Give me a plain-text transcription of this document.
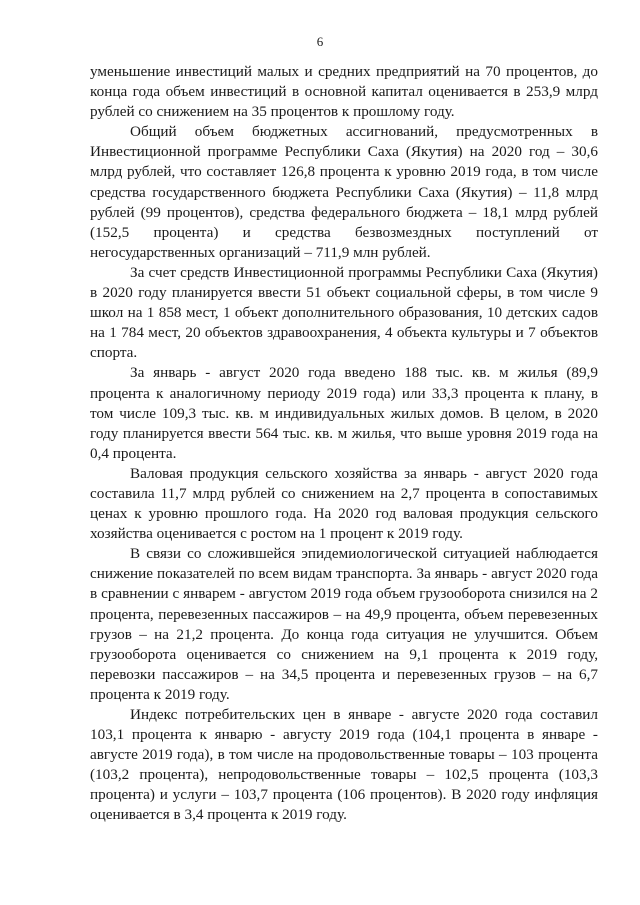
6

уменьшение инвестиций малых и средних предприятий на 70 процентов, до конца года объем инвестиций в основной капитал оценивается в 253,9 млрд рублей со снижением на 35 процентов к прошлому году.

Общий объем бюджетных ассигнований, предусмотренных в Инвестиционной программе Республики Саха (Якутия) на 2020 год – 30,6 млрд рублей, что составляет 126,8 процента к уровню 2019 года, в том числе средства государственного бюджета Республики Саха (Якутия) – 11,8 млрд рублей (99 процентов), средства федерального бюджета – 18,1 млрд рублей (152,5 процента) и средства безвозмездных поступлений от негосударственных организаций – 711,9 млн рублей.

За счет средств Инвестиционной программы Республики Саха (Якутия) в 2020 году планируется ввести 51 объект социальной сферы, в том числе 9 школ на 1 858 мест, 1 объект дополнительного образования, 10 детских садов на 1 784 мест, 20 объектов здравоохранения, 4 объекта культуры и 7 объектов спорта.

За январь - август 2020 года введено 188 тыс. кв. м жилья (89,9 процента к аналогичному периоду 2019 года) или 33,3 процента к плану, в том числе 109,3 тыс. кв. м индивидуальных жилых домов. В целом, в 2020 году планируется ввести 564 тыс. кв. м жилья, что выше уровня 2019 года на 0,4 процента.

Валовая продукция сельского хозяйства за январь - август 2020 года составила 11,7 млрд рублей со снижением на 2,7 процента в сопоставимых ценах к уровню прошлого года. На 2020 год валовая продукция сельского хозяйства оценивается с ростом на 1 процент к 2019 году.

В связи со сложившейся эпидемиологической ситуацией наблюдается снижение показателей по всем видам транспорта. За январь - август 2020 года в сравнении с январем - августом 2019 года объем грузооборота снизился на 2 процента, перевезенных пассажиров – на 49,9 процента, объем перевезенных грузов – на 21,2 процента. До конца года ситуация не улучшится. Объем грузооборота оценивается со снижением на 9,1 процента к 2019 году, перевозки пассажиров – на 34,5 процента и перевезенных грузов – на 6,7 процента к 2019 году.

Индекс потребительских цен в январе - августе 2020 года составил 103,1 процента к январю - августу 2019 года (104,1 процента в январе - августе 2019 года), в том числе на продовольственные товары – 103 процента (103,2 процента), непродовольственные товары – 102,5 процента (103,3 процента) и услуги – 103,7 процента (106 процентов). В 2020 году инфляция оценивается в 3,4 процента к 2019 году.
